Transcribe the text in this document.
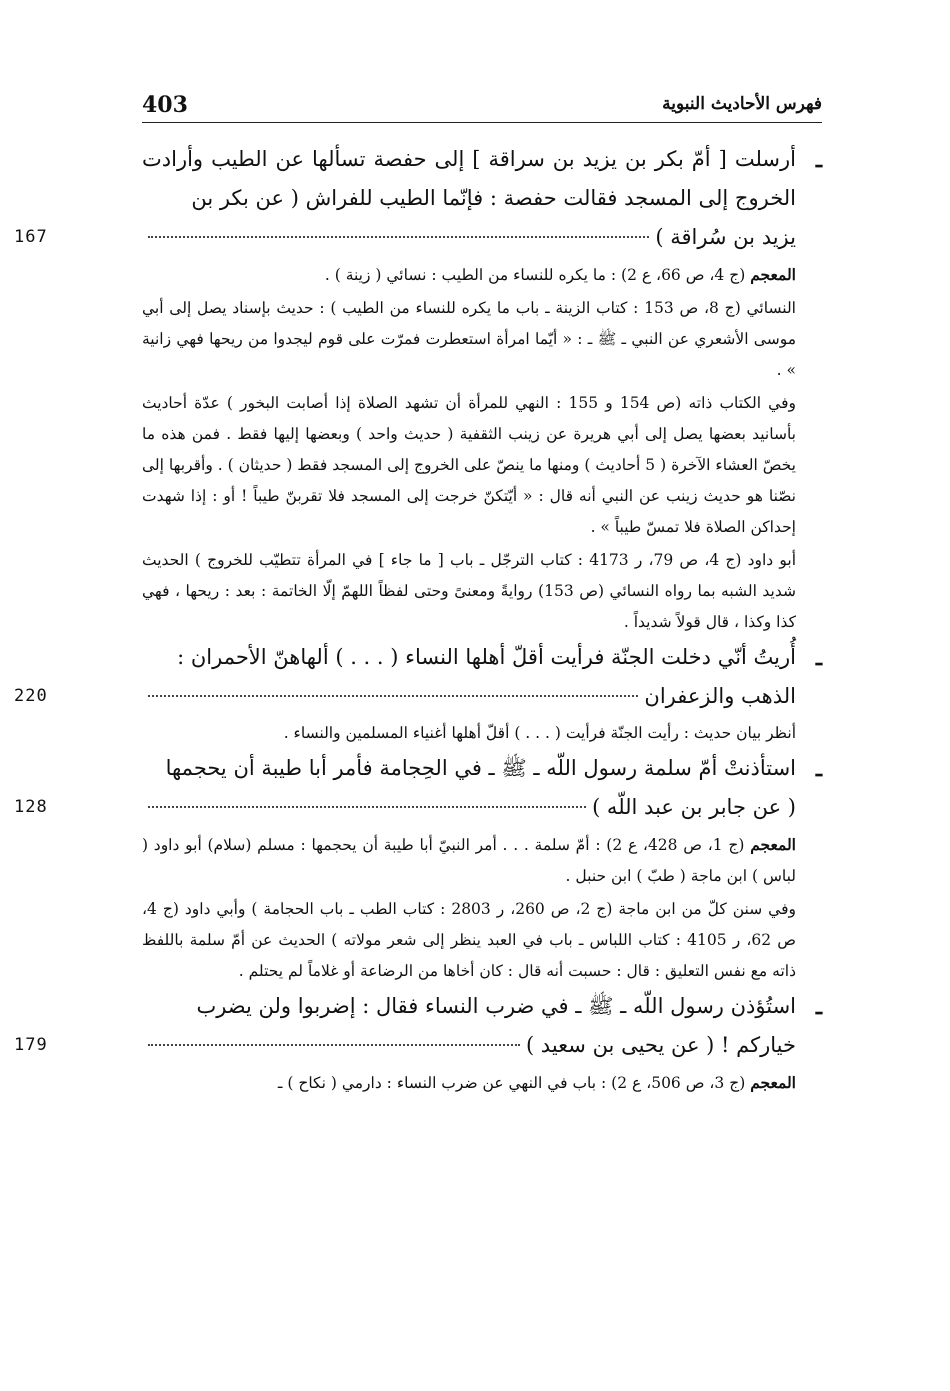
403	فهرس الأحاديث النبوية
ـ
أرسلت [ أمّ بكر بن يزيد بن سراقة ] إلى حفصة تسألها عن الطيب وأرادت الخروج إلى المسجد فقالت حفصة : فإنّما الطيب للفراش ( عن بكر بن
يزيد بن سُراقة )
167
المعجم (ج 4، ص 66، ع 2) : ما يكره للنساء من الطيب : نسائي ( زينة ) .
النسائي (ج 8، ص 153 : كتاب الزينة ـ باب ما يكره للنساء من الطيب ) : حديث بإسناد يصل إلى أبي موسى الأشعري عن النبي ـ ﷺ ـ : « أيّما امرأة استعطرت فمرّت على قوم ليجدوا من ريحها فهي زانية » .
وفي الكتاب ذاته (ص 154 و 155 : النهي للمرأة أن تشهد الصلاة إذا أصابت البخور ) عدّة أحاديث بأسانيد بعضها يصل إلى أبي هريرة عن زينب الثقفية ( حديث واحد ) وبعضها إليها فقط . فمن هذه ما يخصّ العشاء الآخرة ( 5 أحاديث ) ومنها ما ينصّ على الخروج إلى المسجد فقط ( حديثان ) . وأقربها إلى نصّنا هو حديث زينب عن النبي أنه قال : « أيّتكنّ خرجت إلى المسجد فلا تقربنّ طيباً ! أو : إذا شهدت إحداكن الصلاة فلا تمسّ طيباً » .
أبو داود (ج 4، ص 79، ر 4173 : كتاب الترجّل ـ باب [ ما جاء ] في المرأة تتطيّب للخروج ) الحديث شديد الشبه بما رواه النسائي (ص 153) روايةً ومعنىً وحتى لفظاً اللهمّ إلّا الخاتمة : بعد : ريحها ، فهي كذا وكذا ، قال قولاً شديداً .
ـ
أُريتُ أنّي دخلت الجنّة فرأيت أقلّ أهلها النساء ( . . . ) ألهاهنّ الأحمران :
الذهب والزعفران
220
أنظر بيان حديث : رأيت الجنّة فرأيت ( . . . ) أقلّ أهلها أغنياء المسلمين والنساء .
ـ
استأذنتْ أمّ سلمة رسول اللّه ـ ﷺ ـ في الحِجامة فأمر أبا طيبة أن يحجمها
( عن جابر بن عبد اللّه )
128
المعجم (ج 1، ص 428، ع 2) : أمّ سلمة . . . أمر النبيّ أبا طيبة أن يحجمها : مسلم (سلام) أبو داود ( لباس ) ابن ماجة ( طبّ ) ابن حنبل .
وفي سنن كلّ من ابن ماجة (ج 2، ص 260، ر 2803 : كتاب الطب ـ باب الحجامة ) وأبي داود (ج 4، ص 62، ر 4105 : كتاب اللباس ـ باب في العبد ينظر إلى شعر مولاته ) الحديث عن أمّ سلمة باللفظ ذاته مع نفس التعليق : قال : حسبت أنه قال : كان أخاها من الرضاعة أو غلاماً لم يحتلم .
ـ
استُؤذن رسول اللّه ـ ﷺ ـ في ضرب النساء فقال : إضربوا ولن يضرب
خياركم ! ( عن يحيى بن سعيد )
179
المعجم (ج 3، ص 506، ع 2) : باب في النهي عن ضرب النساء : دارمي ( نكاح ) ـ
